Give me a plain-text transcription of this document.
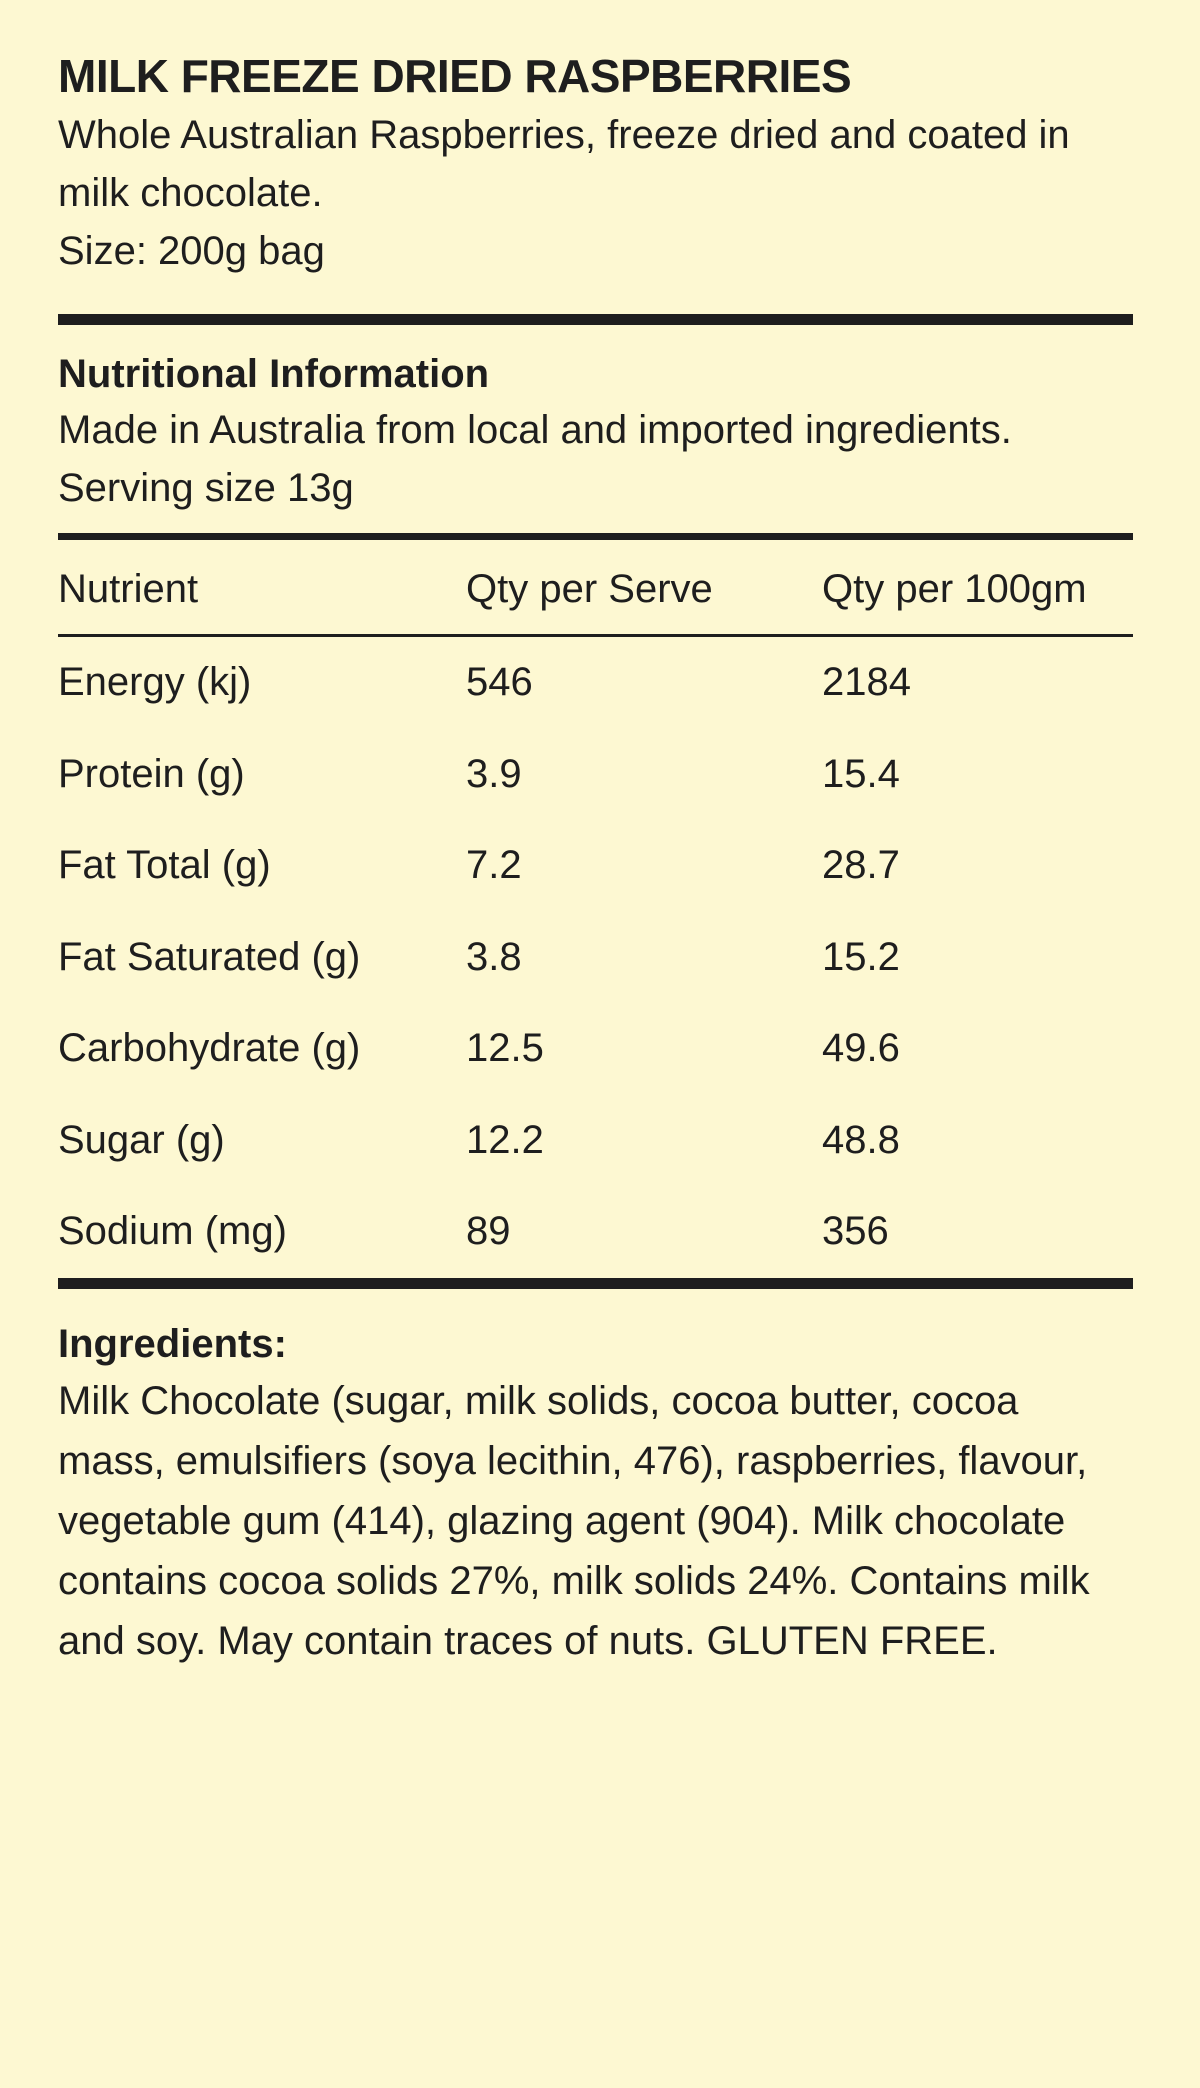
MILK FREEZE DRIED RASPBERRIES

Whole Australian Raspberries, freeze dried and coated in milk chocolate.

Size: 200g bag

Nutritional Information

Made in Australia from local and imported ingredients.

Serving size 13g

Nutrient	Qty per Serve	Qty per 100gm

Energy (kj)	546	2184
Protein (g)	3.9	15.4
Fat Total (g)	7.2	28.7
Fat Saturated (g)	3.8	15.2
Carbohydrate (g)	12.5	49.6
Sugar (g)	12.2	48.8
Sodium (mg)	89	356
Ingredients:

Milk Chocolate (sugar, milk solids, cocoa butter, cocoa mass, emulsifiers (soya lecithin, 476), raspberries, flavour, vegetable gum (414), glazing agent (904). Milk chocolate contains cocoa solids 27%, milk solids 24%. Contains milk and soy. May contain traces of nuts. GLUTEN FREE.
